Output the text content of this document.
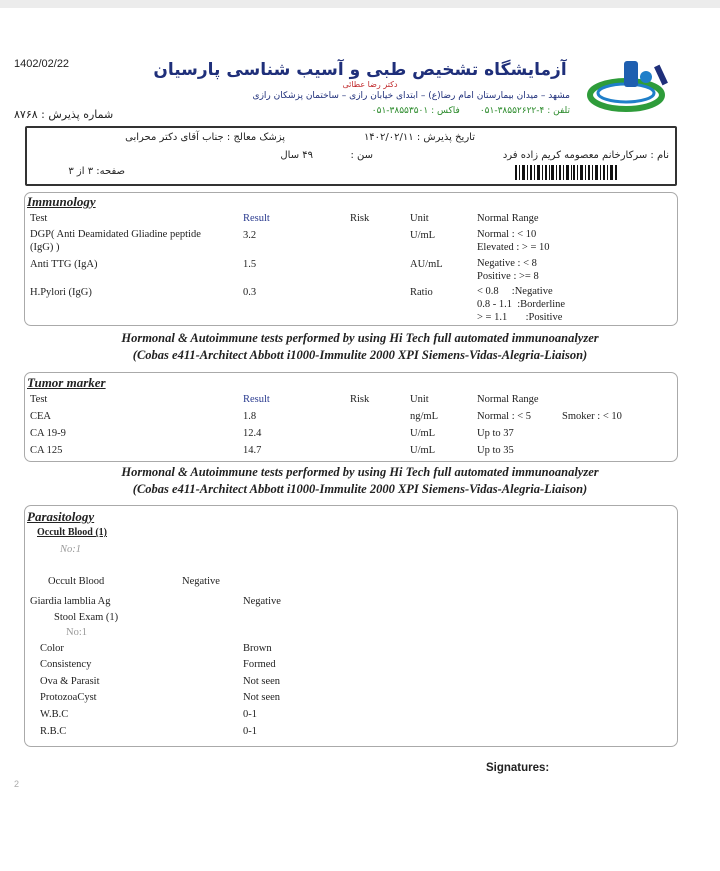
1402/02/22	آزمایشگاه تشخیص طبی و آسیب شناسی پارسیان
دکتر رضا عطائی
مشهد – میدان بیمارستان امام رضا(ع) – ابتدای خیابان رازی – ساختمان پزشکان رازی
تلفن : ۴-۳۸۵۵۲۶۲۲-۰۵۱       فاکس : ۳۸۵۵۳۵۰۱-۰۵۱
شماره پذیرش : ۸۷۶۸
تاریخ پذیرش : ۱۴۰۲/۰۲/۱۱
پزشک معالج : جناب آقای دکتر محرابی
نام : سرکارخانم معصومه کریم زاده فرد
سن :
۴۹ سال
صفحه: ۳ از ۳
Immunology
Test	Result	Risk	Unit	Normal Range
DGP( Anti Deamidated Gliadine peptide
(IgG) )
3.2	U/mL	Normal : < 10
Elevated : > = 10
Anti TTG (IgA)	1.5	AU/mL	Negative : < 8
Positive : >= 8
H.Pylori (IgG)	0.3	Ratio	< 0.8     :Negative
0.8 - 1.1  :Borderline
> = 1.1       :Positive
Hormonal & Autoimmune tests performed by using Hi Tech full automated immunoanalyzer
(Cobas e411-Architect Abbott i1000-Immulite 2000 XPI Siemens-Vidas-Alegria-Liaison)
Tumor marker
Test	Result	Risk	Unit	Normal Range
CEA	1.8	ng/mL	Normal : < 5	Smoker : < 10
CA 19-9	12.4	U/mL	Up to 37
CA 125	14.7	U/mL	Up to 35
Hormonal & Autoimmune tests performed by using Hi Tech full automated immunoanalyzer
(Cobas e411-Architect Abbott i1000-Immulite 2000 XPI Siemens-Vidas-Alegria-Liaison)
Parasitology
Occult Blood (1)
No:1
Occult Blood	Negative
Giardia lamblia Ag	Negative
Stool Exam (1)
No:1
Color	Brown
Consistency	Formed
Ova & Parasit	Not seen
ProtozoaCyst	Not seen
W.B.C	0-1
R.B.C	0-1
Signatures:
2
